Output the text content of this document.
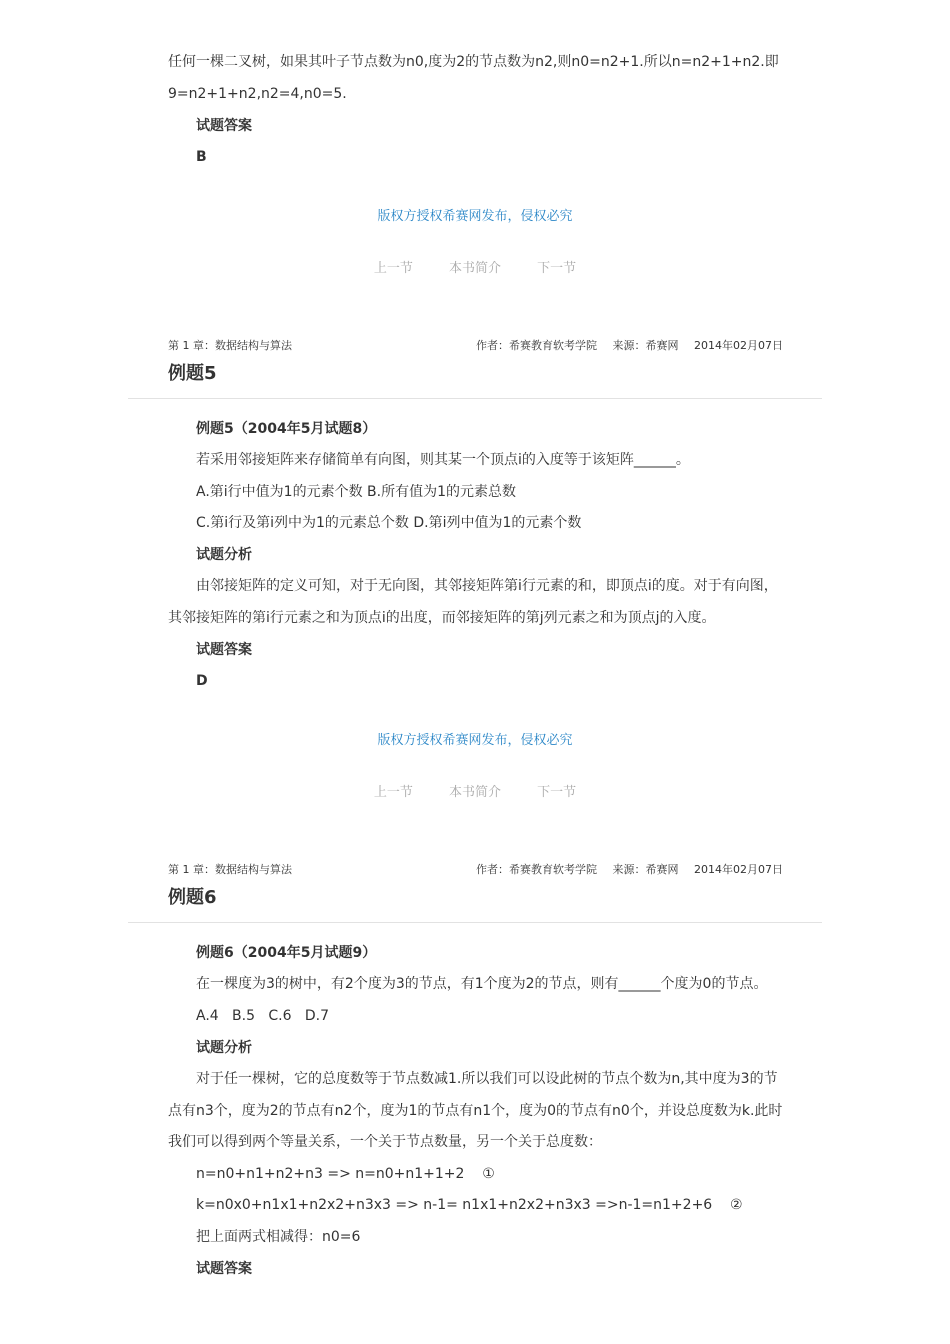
任何一棵二叉树，如果其叶子节点数为n0,度为2的节点数为n2,则n0=n2+1.所以n=n2+1+n2.即

9=n2+1+n2,n2=4,n0=5.

试题答案

B

版权方授权希赛网发布，侵权必究

上一节	本书简介	下一节
第 1 章：数据结构与算法	作者：希赛教育软考学院 来源：希赛网 2014年02月07日
例题5

例题5（2004年5月试题8）

若采用邻接矩阵来存储简单有向图，则其某一个顶点i的入度等于该矩阵______。

A.第i行中值为1的元素个数 B.所有值为1的元素总数

C.第i行及第i列中为1的元素总个数 D.第i列中值为1的元素个数

试题分析

由邻接矩阵的定义可知，对于无向图，其邻接矩阵第i行元素的和，即顶点i的度。对于有向图，

其邻接矩阵的第i行元素之和为顶点i的出度，而邻接矩阵的第j列元素之和为顶点j的入度。

试题答案

D

版权方授权希赛网发布，侵权必究

上一节	本书简介	下一节
第 1 章：数据结构与算法	作者：希赛教育软考学院 来源：希赛网 2014年02月07日
例题6

例题6（2004年5月试题9）

在一棵度为3的树中，有2个度为3的节点，有1个度为2的节点，则有______个度为0的节点。

A.4   B.5   C.6   D.7

试题分析

对于任一棵树，它的总度数等于节点数减1.所以我们可以设此树的节点个数为n,其中度为3的节

点有n3个，度为2的节点有n2个，度为1的节点有n1个，度为0的节点有n0个，并设总度数为k.此时

我们可以得到两个等量关系，一个关于节点数量，另一个关于总度数：

n=n0+n1+n2+n3 => n=n0+n1+1+2    ①

k=n0x0+n1x1+n2x2+n3x3 => n-1= n1x1+n2x2+n3x3 =>n-1=n1+2+6    ②

把上面两式相减得：n0=6

试题答案
